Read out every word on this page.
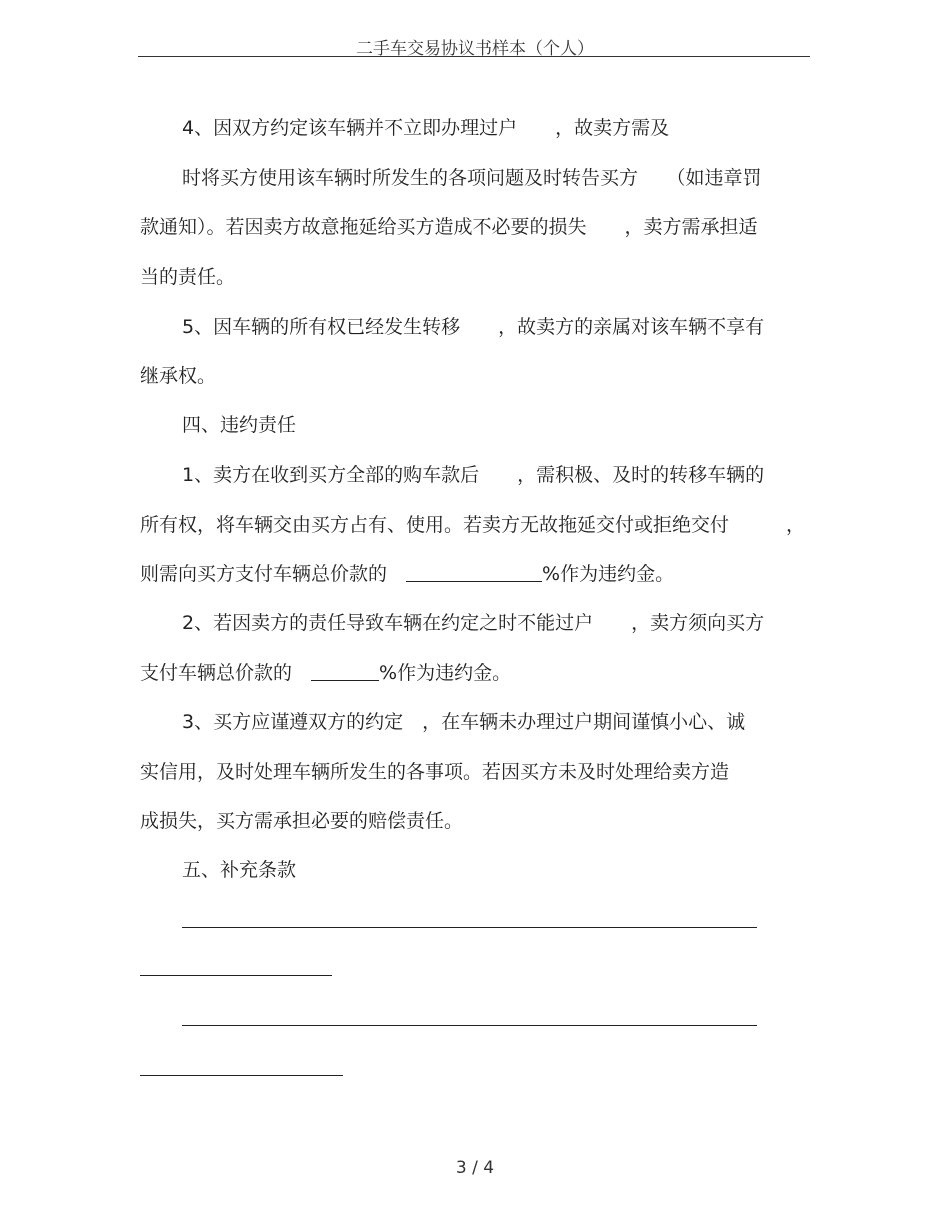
二手车交易协议书样本（个人）
4、因双方约定该车辆并不立即办理过户　　，故卖方需及
时将买方使用该车辆时所发生的各项问题及时转告买方　　（如违章罚
款通知）。若因卖方故意拖延给买方造成不必要的损失　　，卖方需承担适
当的责任。
5、因车辆的所有权已经发生转移　　，故卖方的亲属对该车辆不享有
继承权。
四、违约责任
1、卖方在收到买方全部的购车款后　　，需积极、及时的转移车辆的
所有权，将车辆交由买方占有、使用。若卖方无故拖延交付或拒绝交付　　　，
则需向买方支付车辆总价款的　	%作为违约金。
2、若因卖方的责任导致车辆在约定之时不能过户　　，卖方须向买方
支付车辆总价款的　	%作为违约金。
3、买方应谨遵双方的约定　，在车辆未办理过户期间谨慎小心、诚
实信用，及时处理车辆所发生的各事项。若因买方未及时处理给卖方造
成损失，买方需承担必要的赔偿责任。
五、补充条款
3 / 4
